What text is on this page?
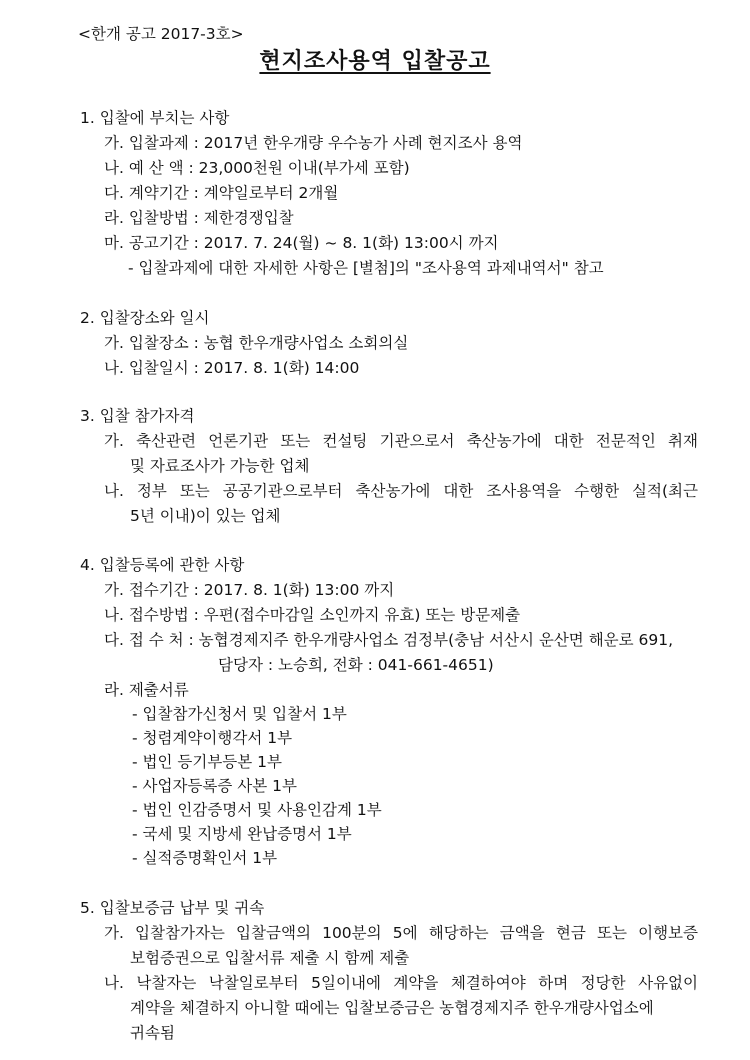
<한개 공고 2017-3호>
현지조사용역 입찰공고
1. 입찰에 부치는 사항
가. 입찰과제 : 2017년 한우개량 우수농가 사례 현지조사 용역
나. 예 산 액 : 23,000천원 이내(부가세 포함)
다. 계약기간 : 계약일로부터 2개월
라. 입찰방법 : 제한경쟁입찰
마. 공고기간 : 2017. 7. 24(월) ~ 8. 1(화) 13:00시 까지
- 입찰과제에 대한 자세한 사항은 [별첨]의 "조사용역 과제내역서" 참고
2. 입찰장소와 일시
가. 입찰장소 : 농협 한우개량사업소 소회의실
나. 입찰일시 : 2017. 8. 1(화) 14:00
3. 입찰 참가자격
가. 축산관련 언론기관 또는 컨설팅 기관으로서 축산농가에 대한 전문적인 취재
및 자료조사가 가능한 업체
나. 정부 또는 공공기관으로부터 축산농가에 대한 조사용역을 수행한 실적(최근
5년 이내)이 있는 업체
4. 입찰등록에 관한 사항
가. 접수기간 : 2017. 8. 1(화) 13:00 까지
나. 접수방법 : 우편(접수마감일 소인까지 유효) 또는 방문제출
다. 접 수 처 : 농협경제지주 한우개량사업소 검정부(충남 서산시 운산면 해운로 691,
담당자 : 노승희, 전화 : 041-661-4651)
라. 제출서류
- 입찰참가신청서 및 입찰서 1부
- 청렴계약이행각서 1부
- 법인 등기부등본 1부
- 사업자등록증 사본 1부
- 법인 인감증명서 및 사용인감계 1부
- 국세 및 지방세 완납증명서 1부
- 실적증명확인서 1부
5. 입찰보증금 납부 및 귀속
가. 입찰참가자는 입찰금액의 100분의 5에 해당하는 금액을 현금 또는 이행보증
보험증권으로 입찰서류 제출 시 함께 제출
나. 낙찰자는 낙찰일로부터 5일이내에 계약을 체결하여야 하며 정당한 사유없이
계약을 체결하지 아니할 때에는 입찰보증금은 농협경제지주 한우개량사업소에
귀속됨
